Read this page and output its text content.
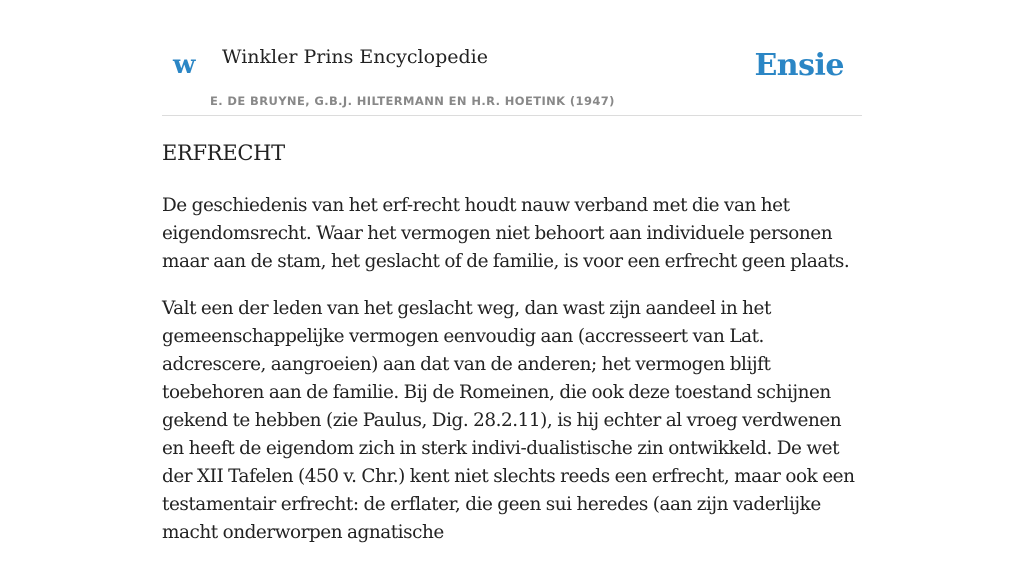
w Winkler Prins Encyclopedie
E. DE BRUYNE, G.B.J. HILTERMANN EN H.R. HOETINK (1947)
Ensie
ERFRECHT

De geschiedenis van het erf-recht houdt nauw verband met die van het eigendomsrecht. Waar het vermogen niet behoort aan individuele personen maar aan de stam, het geslacht of de familie, is voor een erfrecht geen plaats.

Valt een der leden van het geslacht weg, dan wast zijn aandeel in het gemeenschappelijke vermogen eenvoudig aan (accresseert van Lat. adcrescere, aangroeien) aan dat van de anderen; het vermogen blijft toebehoren aan de familie. Bij de Romeinen, die ook deze toestand schijnen gekend te hebben (zie Paulus, Dig. 28.2.11), is hij echter al vroeg verdwenen en heeft de eigendom zich in sterk indivi-dualistische zin ontwikkeld. De wet der XII Tafelen (450 v. Chr.) kent niet slechts reeds een erfrecht, maar ook een testamentair erfrecht: de erflater, die geen sui heredes (aan zijn vaderlijke macht onderworpen agnatische
